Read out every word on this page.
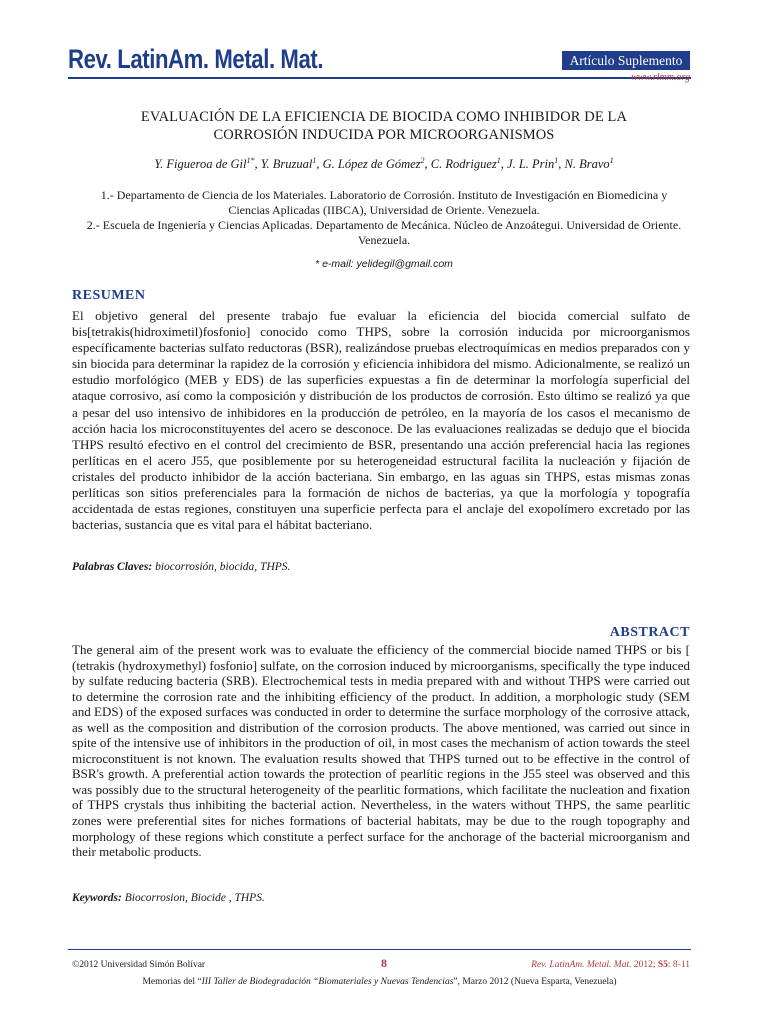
Rev. LatinAm. Metal. Mat.	Artículo Suplemento
www.rlmm.org
EVALUACIÓN DE LA EFICIENCIA DE BIOCIDA COMO INHIBIDOR DE LA
CORROSIÓN INDUCIDA POR MICROORGANISMOS
Y. Figueroa de Gil$^{1*}$, Y. Bruzual$^1$, G. López de Gómez$^2$, C. Rodriguez$^1$, J. L. Prin$^1$, N. Bravo$^1$

1.- Departamento de Ciencia de los Materiales. Laboratorio de Corrosión. Instituto de Investigación en Biomedicina y Ciencias Aplicadas (IIBCA), Universidad de Oriente. Venezuela.

2.- Escuela de Ingeniería y Ciencias Aplicadas. Departamento de Mecánica. Núcleo de Anzoátegui. Universidad de Oriente. Venezuela.

* e-mail: yelidegil@gmail.com
RESUMEN
El objetivo general del presente trabajo fue evaluar la eficiencia del biocida comercial sulfato de bis[tetrakis(hidroximetil)fosfonio] conocido como THPS, sobre la corrosión inducida por microorganismos específicamente bacterias sulfato reductoras (BSR), realizándose pruebas electroquímicas en medios preparados con y sin biocida para determinar la rapidez de la corrosión y eficiencia inhibidora del mismo. Adicionalmente, se realizó un estudio morfológico (MEB y EDS) de las superficies expuestas a fin de determinar la morfología superficial del ataque corrosivo, así como la composición y distribución de los productos de corrosión. Esto último se realizó ya que a pesar del uso intensivo de inhibidores en la producción de petróleo, en la mayoría de los casos el mecanismo de acción hacia los microconstituyentes del acero se desconoce. De las evaluaciones realizadas se dedujo que el biocida THPS resultó efectivo en el control del crecimiento de BSR, presentando una acción preferencial hacia las regiones perlíticas en el acero J55, que posiblemente por su heterogeneidad estructural facilita la nucleación y fijación de cristales del producto inhibidor de la acción bacteriana. Sin embargo, en las aguas sin THPS, estas mismas zonas perlíticas son sitios preferenciales para la formación de nichos de bacterias, ya que la morfología y topografía accidentada de estas regiones, constituyen una superficie perfecta para el anclaje del exopolímero excretado por las bacterias, sustancia que es vital para el hábitat bacteriano.
Palabras Claves: biocorrosión, biocida, THPS.
ABSTRACT
The general aim of the present work was to evaluate the efficiency of the commercial biocide named THPS or bis [ (tetrakis (hydroxymethyl) fosfonio] sulfate, on the corrosion induced by microorganisms, specifically the type induced by sulfate reducing bacteria (SRB). Electrochemical tests in media prepared with and without THPS were carried out to determine the corrosion rate and the inhibiting efficiency of the product. In addition, a morphologic study (SEM and EDS) of the exposed surfaces was conducted in order to determine the surface morphology of the corrosive attack, as well as the composition and distribution of the corrosion products. The above mentioned, was carried out since in spite of the intensive use of inhibitors in the production of oil, in most cases the mechanism of action towards the steel microconstituent is not known. The evaluation results showed that THPS turned out to be effective in the control of BSR's growth. A preferential action towards the protection of pearlític regions in the J55 steel was observed and this was possibly due to the structural heterogeneity of the pearlitic formations, which facilitate the nucleation and fixation of THPS crystals thus inhibiting the bacterial action. Nevertheless, in the waters without THPS, the same pearlitic zones were preferential sites for niches formations of bacterial habitats, may be due to the rough topography and morphology of these regions which constitute a perfect surface for the anchorage of the bacterial microorganism and their metabolic products.
Keywords: Biocorrosion, Biocide , THPS.
©2012 Universidad Simón Bolívar	8	Rev. LatinAm. Metal. Mat. 2012; S5: 8-11
Memorias del “III Taller de Biodegradación “Biomateriales y Nuevas Tendencias”, Marzo 2012 (Nueva Esparta, Venezuela)
